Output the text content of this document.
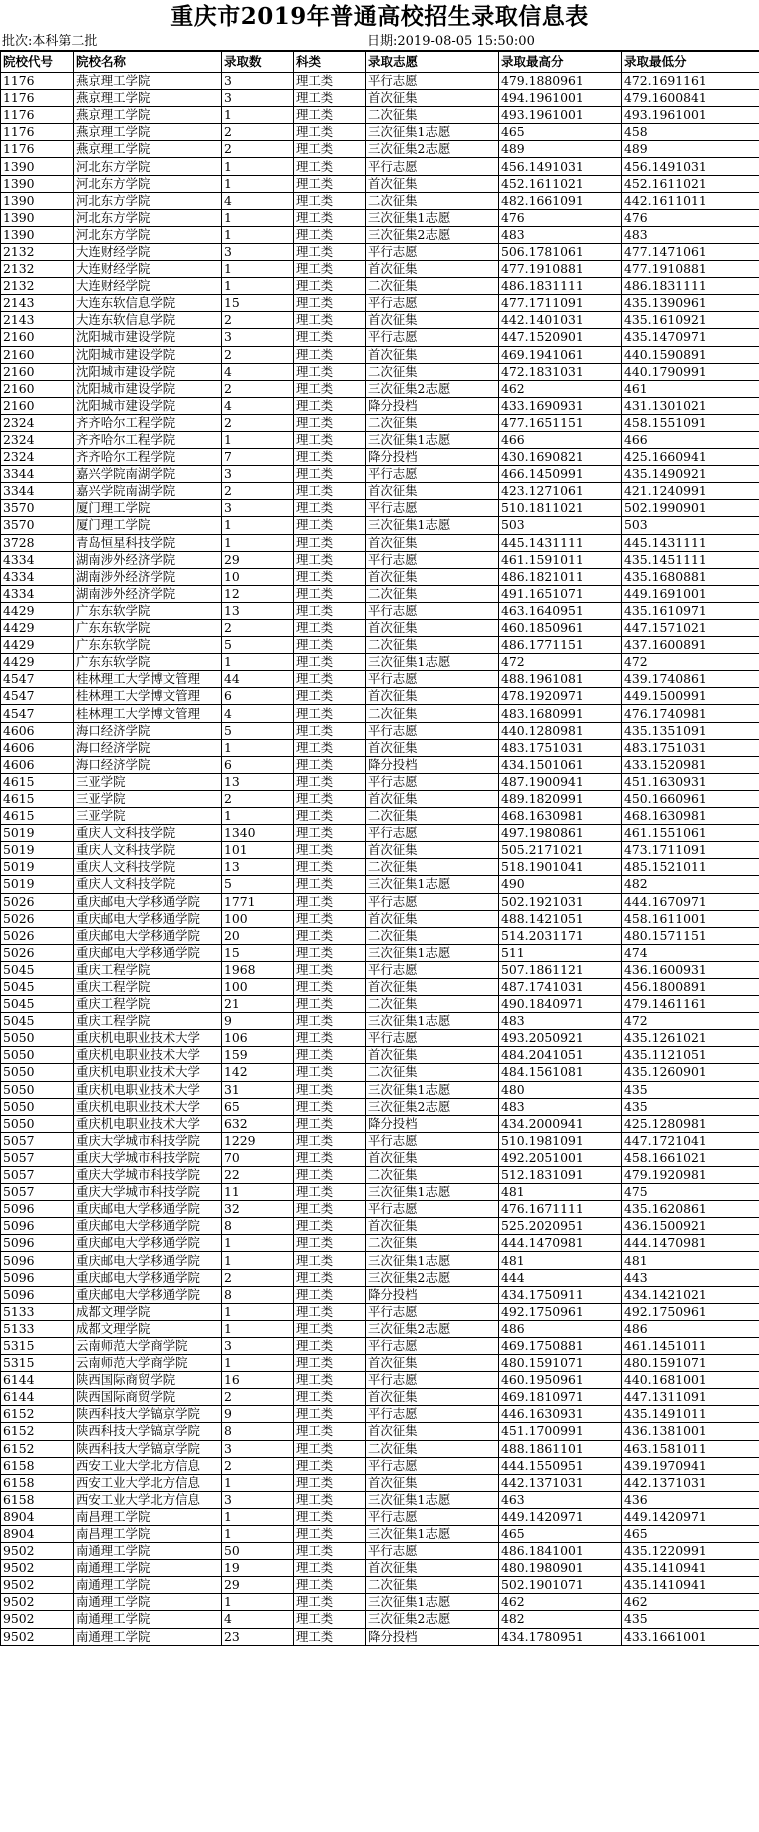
重庆市2019年普通高校招生录取信息表
批次:本科第二批	日期:2019-08-05 15:50:00
院校代号	院校名称	录取数	科类	录取志愿	录取最高分	录取最低分
1176	燕京理工学院	3	理工类	平行志愿	479.1880961	472.1691161
1176	燕京理工学院	3	理工类	首次征集	494.1961001	479.1600841
1176	燕京理工学院	1	理工类	二次征集	493.1961001	493.1961001
1176	燕京理工学院	2	理工类	三次征集1志愿	465	458
1176	燕京理工学院	2	理工类	三次征集2志愿	489	489
1390	河北东方学院	1	理工类	平行志愿	456.1491031	456.1491031
1390	河北东方学院	1	理工类	首次征集	452.1611021	452.1611021
1390	河北东方学院	4	理工类	二次征集	482.1661091	442.1611011
1390	河北东方学院	1	理工类	三次征集1志愿	476	476
1390	河北东方学院	1	理工类	三次征集2志愿	483	483
2132	大连财经学院	3	理工类	平行志愿	506.1781061	477.1471061
2132	大连财经学院	1	理工类	首次征集	477.1910881	477.1910881
2132	大连财经学院	1	理工类	二次征集	486.1831111	486.1831111
2143	大连东软信息学院	15	理工类	平行志愿	477.1711091	435.1390961
2143	大连东软信息学院	2	理工类	首次征集	442.1401031	435.1610921
2160	沈阳城市建设学院	3	理工类	平行志愿	447.1520901	435.1470971
2160	沈阳城市建设学院	2	理工类	首次征集	469.1941061	440.1590891
2160	沈阳城市建设学院	4	理工类	二次征集	472.1831031	440.1790991
2160	沈阳城市建设学院	2	理工类	三次征集2志愿	462	461
2160	沈阳城市建设学院	4	理工类	降分投档	433.1690931	431.1301021
2324	齐齐哈尔工程学院	2	理工类	二次征集	477.1651151	458.1551091
2324	齐齐哈尔工程学院	1	理工类	三次征集1志愿	466	466
2324	齐齐哈尔工程学院	7	理工类	降分投档	430.1690821	425.1660941
3344	嘉兴学院南湖学院	3	理工类	平行志愿	466.1450991	435.1490921
3344	嘉兴学院南湖学院	2	理工类	首次征集	423.1271061	421.1240991
3570	厦门理工学院	3	理工类	平行志愿	510.1811021	502.1990901
3570	厦门理工学院	1	理工类	三次征集1志愿	503	503
3728	青岛恒星科技学院	1	理工类	首次征集	445.1431111	445.1431111
4334	湖南涉外经济学院	29	理工类	平行志愿	461.1591011	435.1451111
4334	湖南涉外经济学院	10	理工类	首次征集	486.1821011	435.1680881
4334	湖南涉外经济学院	12	理工类	二次征集	491.1651071	449.1691001
4429	广东东软学院	13	理工类	平行志愿	463.1640951	435.1610971
4429	广东东软学院	2	理工类	首次征集	460.1850961	447.1571021
4429	广东东软学院	5	理工类	二次征集	486.1771151	437.1600891
4429	广东东软学院	1	理工类	三次征集1志愿	472	472
4547	桂林理工大学博文管理	44	理工类	平行志愿	488.1961081	439.1740861
4547	桂林理工大学博文管理	6	理工类	首次征集	478.1920971	449.1500991
4547	桂林理工大学博文管理	4	理工类	二次征集	483.1680991	476.1740981
4606	海口经济学院	5	理工类	平行志愿	440.1280981	435.1351091
4606	海口经济学院	1	理工类	首次征集	483.1751031	483.1751031
4606	海口经济学院	6	理工类	降分投档	434.1501061	433.1520981
4615	三亚学院	13	理工类	平行志愿	487.1900941	451.1630931
4615	三亚学院	2	理工类	首次征集	489.1820991	450.1660961
4615	三亚学院	1	理工类	二次征集	468.1630981	468.1630981
5019	重庆人文科技学院	1340	理工类	平行志愿	497.1980861	461.1551061
5019	重庆人文科技学院	101	理工类	首次征集	505.2171021	473.1711091
5019	重庆人文科技学院	13	理工类	二次征集	518.1901041	485.1521011
5019	重庆人文科技学院	5	理工类	三次征集1志愿	490	482
5026	重庆邮电大学移通学院	1771	理工类	平行志愿	502.1921031	444.1670971
5026	重庆邮电大学移通学院	100	理工类	首次征集	488.1421051	458.1611001
5026	重庆邮电大学移通学院	20	理工类	二次征集	514.2031171	480.1571151
5026	重庆邮电大学移通学院	15	理工类	三次征集1志愿	511	474
5045	重庆工程学院	1968	理工类	平行志愿	507.1861121	436.1600931
5045	重庆工程学院	100	理工类	首次征集	487.1741031	456.1800891
5045	重庆工程学院	21	理工类	二次征集	490.1840971	479.1461161
5045	重庆工程学院	9	理工类	三次征集1志愿	483	472
5050	重庆机电职业技术大学	106	理工类	平行志愿	493.2050921	435.1261021
5050	重庆机电职业技术大学	159	理工类	首次征集	484.2041051	435.1121051
5050	重庆机电职业技术大学	142	理工类	二次征集	484.1561081	435.1260901
5050	重庆机电职业技术大学	31	理工类	三次征集1志愿	480	435
5050	重庆机电职业技术大学	65	理工类	三次征集2志愿	483	435
5050	重庆机电职业技术大学	632	理工类	降分投档	434.2000941	425.1280981
5057	重庆大学城市科技学院	1229	理工类	平行志愿	510.1981091	447.1721041
5057	重庆大学城市科技学院	70	理工类	首次征集	492.2051001	458.1661021
5057	重庆大学城市科技学院	22	理工类	二次征集	512.1831091	479.1920981
5057	重庆大学城市科技学院	11	理工类	三次征集1志愿	481	475
5096	重庆邮电大学移通学院	32	理工类	平行志愿	476.1671111	435.1620861
5096	重庆邮电大学移通学院	8	理工类	首次征集	525.2020951	436.1500921
5096	重庆邮电大学移通学院	1	理工类	二次征集	444.1470981	444.1470981
5096	重庆邮电大学移通学院	1	理工类	三次征集1志愿	481	481
5096	重庆邮电大学移通学院	2	理工类	三次征集2志愿	444	443
5096	重庆邮电大学移通学院	8	理工类	降分投档	434.1750911	434.1421021
5133	成都文理学院	1	理工类	平行志愿	492.1750961	492.1750961
5133	成都文理学院	1	理工类	三次征集2志愿	486	486
5315	云南师范大学商学院	3	理工类	平行志愿	469.1750881	461.1451011
5315	云南师范大学商学院	1	理工类	首次征集	480.1591071	480.1591071
6144	陕西国际商贸学院	16	理工类	平行志愿	460.1950961	440.1681001
6144	陕西国际商贸学院	2	理工类	首次征集	469.1810971	447.1311091
6152	陕西科技大学镐京学院	9	理工类	平行志愿	446.1630931	435.1491011
6152	陕西科技大学镐京学院	8	理工类	首次征集	451.1700991	436.1381001
6152	陕西科技大学镐京学院	3	理工类	二次征集	488.1861101	463.1581011
6158	西安工业大学北方信息	2	理工类	平行志愿	444.1550951	439.1970941
6158	西安工业大学北方信息	1	理工类	首次征集	442.1371031	442.1371031
6158	西安工业大学北方信息	3	理工类	三次征集1志愿	463	436
8904	南昌理工学院	1	理工类	平行志愿	449.1420971	449.1420971
8904	南昌理工学院	1	理工类	三次征集1志愿	465	465
9502	南通理工学院	50	理工类	平行志愿	486.1841001	435.1220991
9502	南通理工学院	19	理工类	首次征集	480.1980901	435.1410941
9502	南通理工学院	29	理工类	二次征集	502.1901071	435.1410941
9502	南通理工学院	1	理工类	三次征集1志愿	462	462
9502	南通理工学院	4	理工类	三次征集2志愿	482	435
9502	南通理工学院	23	理工类	降分投档	434.1780951	433.1661001
